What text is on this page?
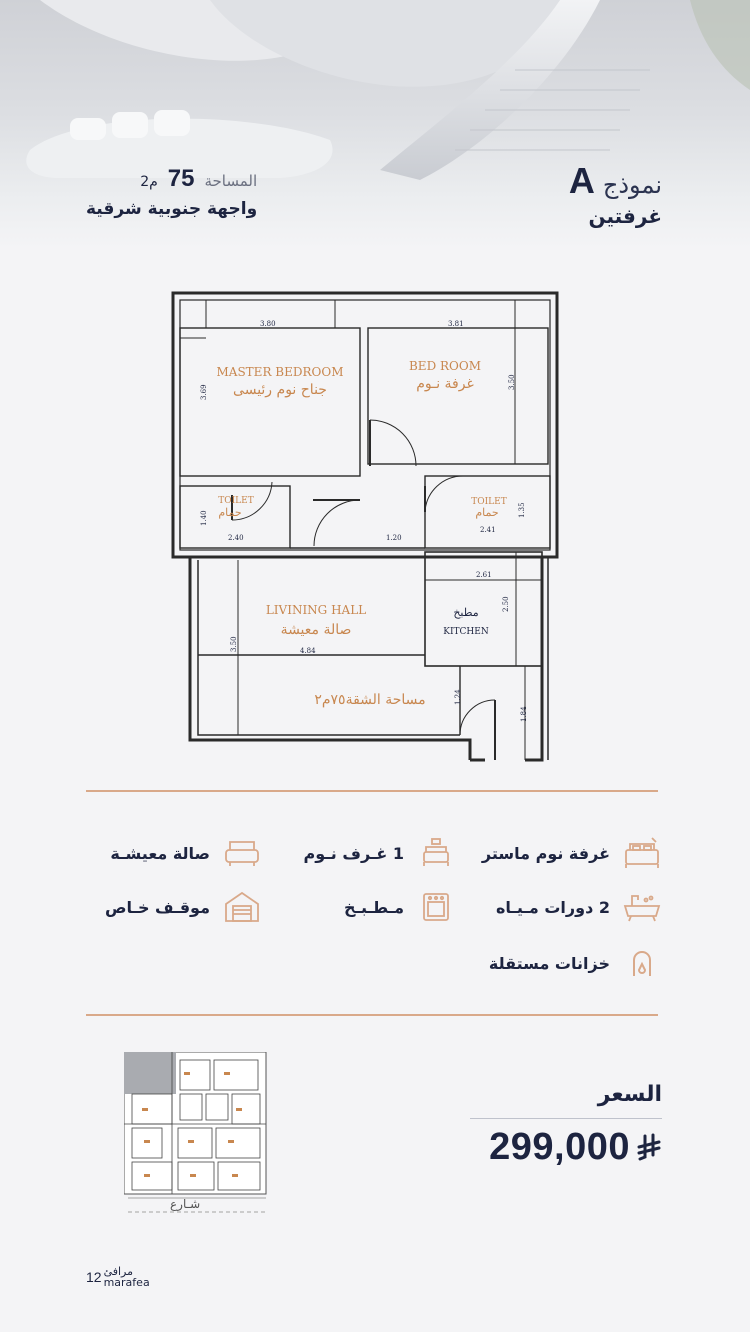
نموذج
A
غرفتين
المساحة
75
م2
واجهة جنوبية شرقية
3.80	3.81
3.69
3.50
2.40
1.40
2.41
1.35
1.20
2.61
2.50
4.84
3.50
1.24
1.84
MASTER BEDROOM
جناح نوم رئيسى
BED ROOM
غرفة نـوم
TOILET
حمام
TOILET
حمام
LIVINING HALL
صالة معيشة
مطبخ
KITCHEN
مساحة الشقة٧٥م٢
غرفة نوم ماستر
1 غـرف نـوم
صالة معيشـة
2 دورات مـيـاه
مـطـبـخ
موقـف خـاص
خزانات مستقلة
شـارع
السعر
299,000
12 مرافئ
marafea
